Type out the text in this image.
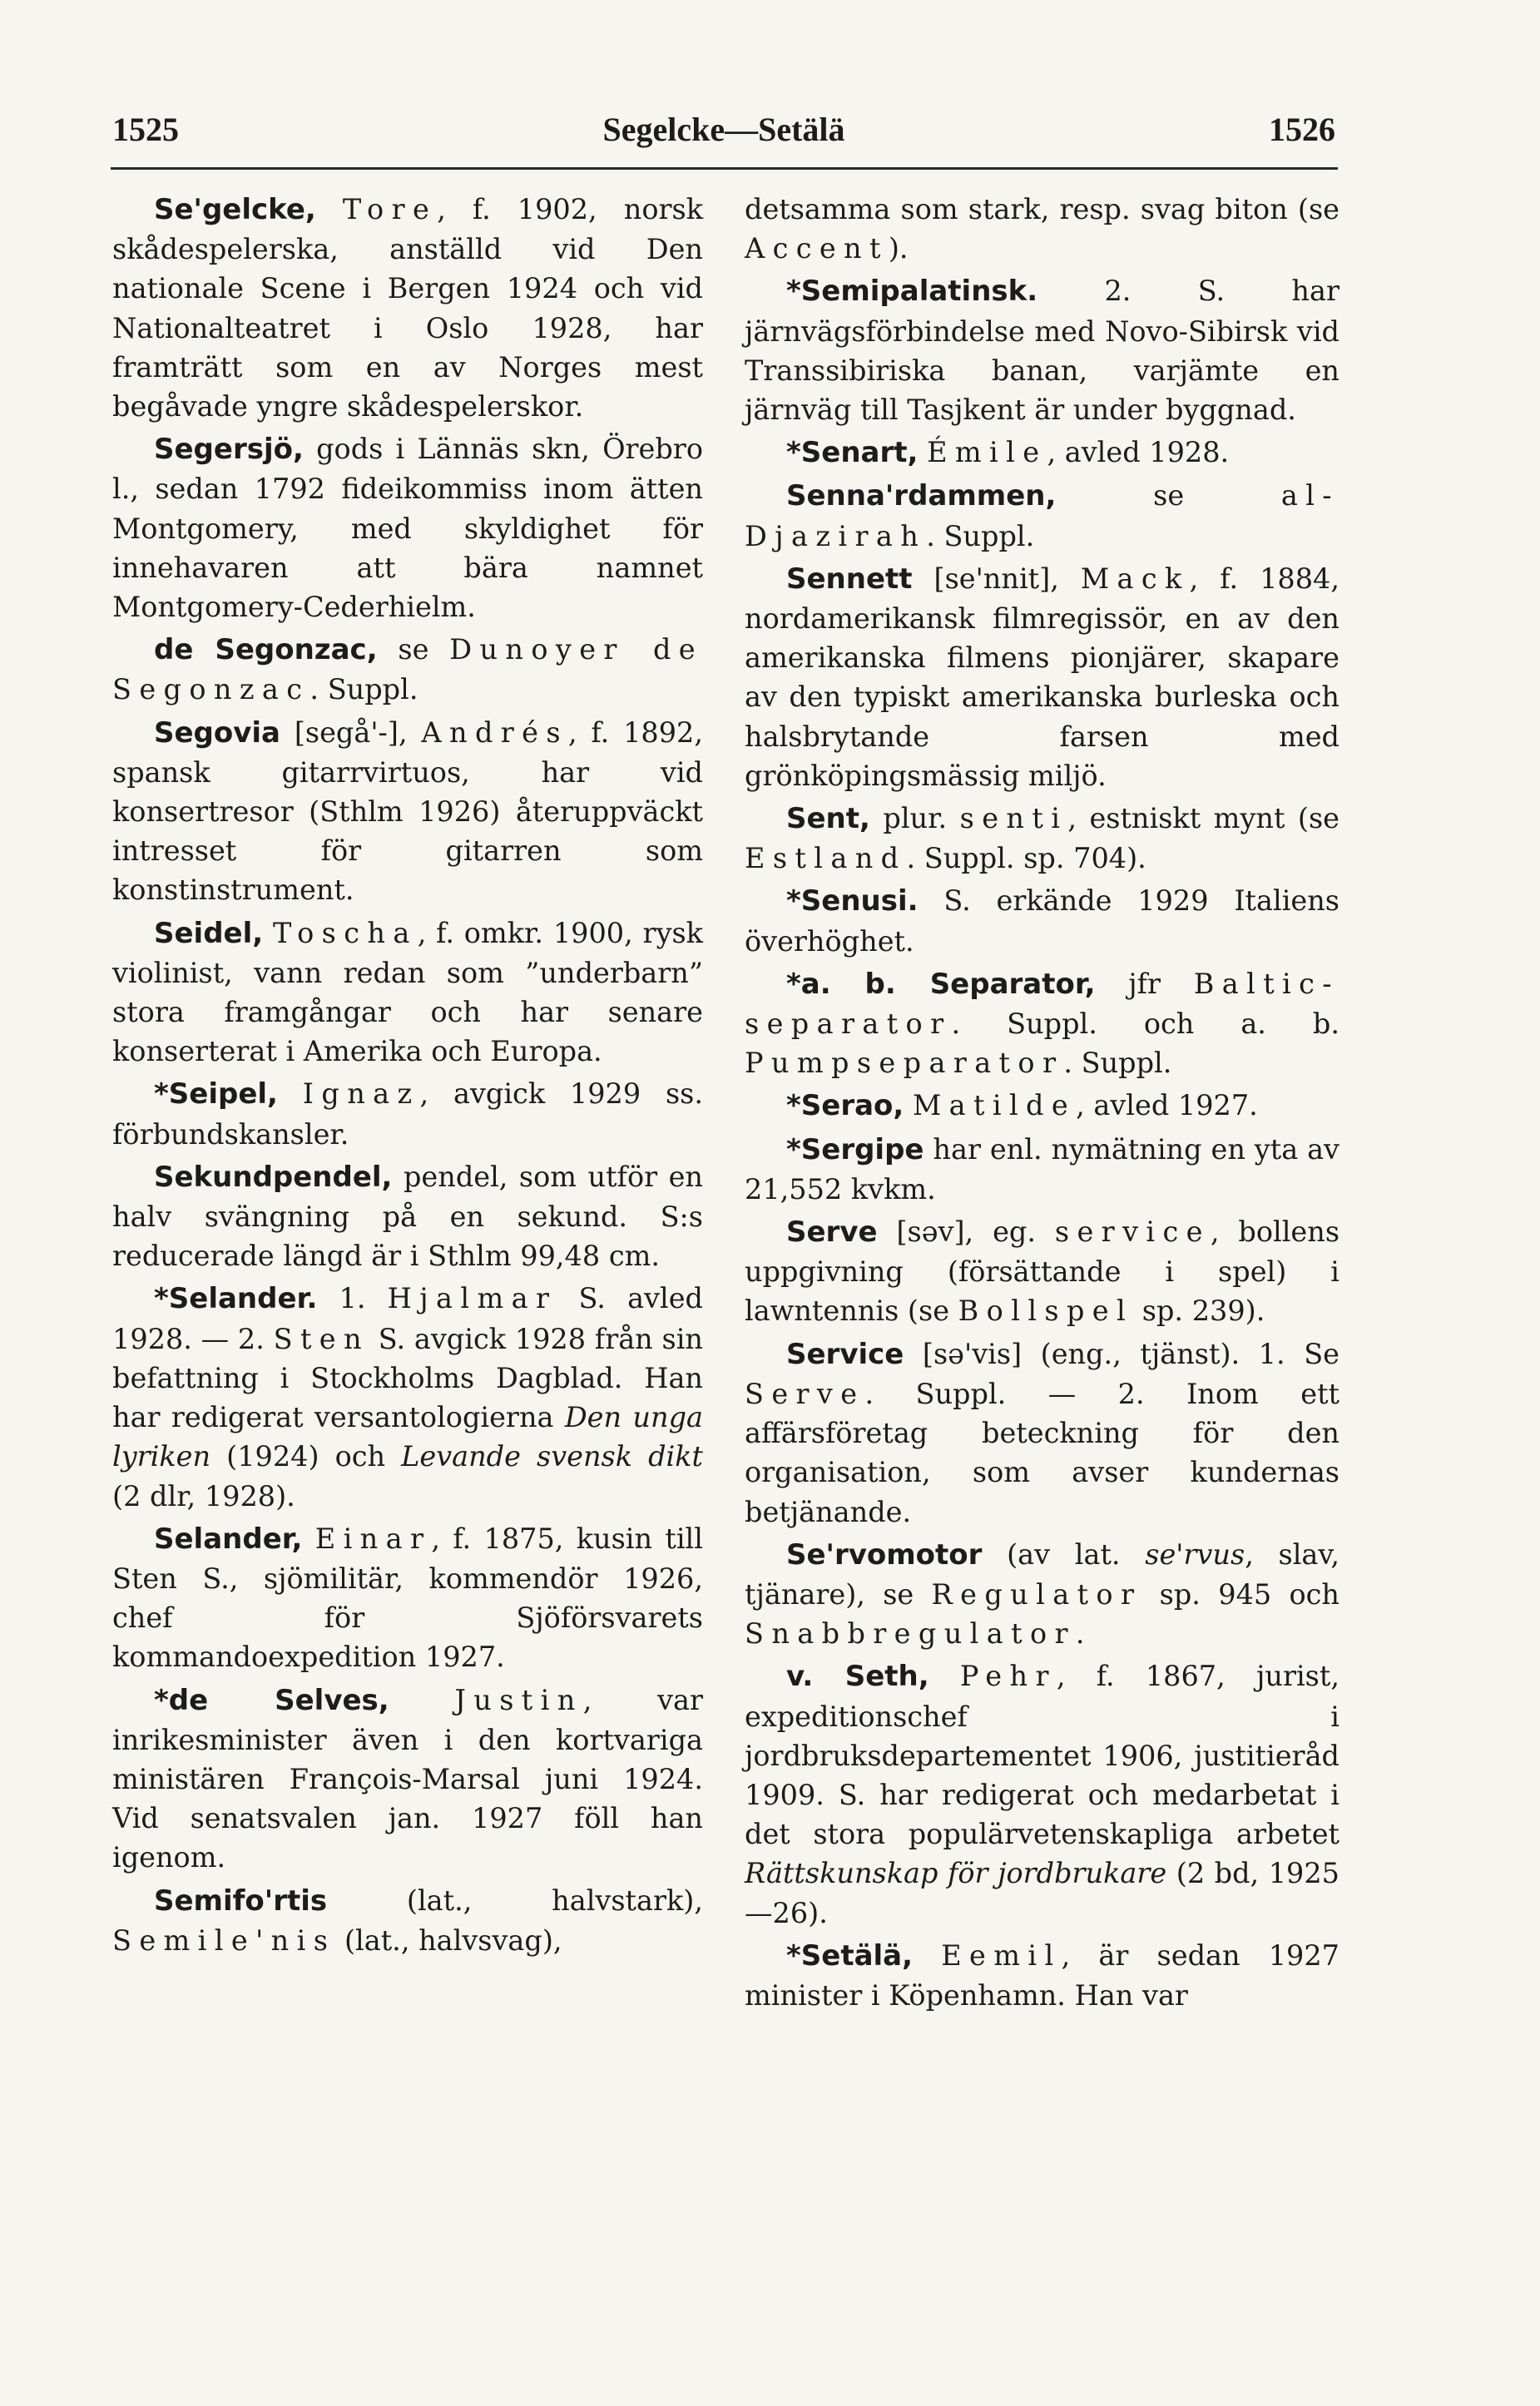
1525	Segelcke—Setälä	1526

Se'gelcke, Tore, f. 1902, norsk skådespelerska, anställd vid Den nationale Scene i Bergen 1924 och vid Nationalteatret i Oslo 1928, har framträtt som en av Norges mest begåvade yngre skådespelerskor.

Segersjö, gods i Lännäs skn, Örebro l., sedan 1792 fideikommiss inom ätten Montgomery, med skyldighet för innehavaren att bära namnet Montgomery-Cederhielm.

de Segonzac, se Dunoyer de Segonzac. Suppl.

Segovia [segå'-], Andrés, f. 1892, spansk gitarrvirtuos, har vid konsertresor (Sthlm 1926) återuppväckt intresset för gitarren som konstinstrument.

Seidel, Toscha, f. omkr. 1900, rysk violinist, vann redan som ”underbarn” stora framgångar och har senare konserterat i Amerika och Europa.

*Seipel, Ignaz, avgick 1929 ss. förbundskansler.

Sekundpendel, pendel, som utför en halv svängning på en sekund. S:s reducerade längd är i Sthlm 99,48 cm.

*Selander. 1. Hjalmar S. avled 1928. — 2. Sten S. avgick 1928 från sin befattning i Stockholms Dagblad. Han har redigerat versantologierna Den unga lyriken (1924) och Levande svensk dikt (2 dlr, 1928).

Selander, Einar, f. 1875, kusin till Sten S., sjömilitär, kommendör 1926, chef för Sjöförsvarets kommandoexpedition 1927.

*de Selves, Justin, var inrikesminister även i den kortvariga ministären François-Marsal juni 1924. Vid senatsvalen jan. 1927 föll han igenom.

Semifo'rtis	(lat., halvstark), Semile'nis (lat., halvsvag),

detsamma som stark, resp. svag biton (se Accent).

*Semipalatinsk. 2. S. har järnvägsförbindelse med Novo-Sibirsk vid Transsibiriska banan, varjämte en järnväg till Tasjkent är under byggnad.

*Senart, Émile, avled 1928.

Senna'rdammen,	se al-Djazirah. Suppl.

Sennett [se'nnit], Mack, f. 1884, nordamerikansk filmregissör, en av den amerikanska filmens pionjärer, skapare av den typiskt amerikanska burleska och halsbrytande farsen med grönköpingsmässig miljö.

Sent, plur. senti, estniskt mynt (se Estland. Suppl. sp. 704).

*Senusi. S. erkände 1929 Italiens överhöghet.

*a. b. Separator, jfr Baltic-separator. Suppl. och a. b. Pumpseparator. Suppl.

*Serao, Matilde, avled 1927.

*Sergipe har enl. nymätning en yta av 21,552 kvkm.

Serve [səv], eg. service, bollens uppgivning (försättande i spel) i lawntennis (se Bollspel sp. 239).

Service [sə'vis] (eng., tjänst). 1. Se Serve. Suppl. — 2. Inom ett affärsföretag beteckning för den organisation, som avser kundernas betjänande.

Se'rvomotor (av lat. se'rvus, slav, tjänare), se Regulator sp. 945 och Snabbregulator.

v. Seth, Pehr, f. 1867, jurist, expeditionschef i jordbruksdepartementet 1906, justitieråd 1909. S. har redigerat och medarbetat i det stora populärvetenskapliga arbetet Rättskunskap för jordbrukare (2 bd, 1925—26).

*Setälä, Eemil, är sedan 1927 minister i Köpenhamn. Han var
